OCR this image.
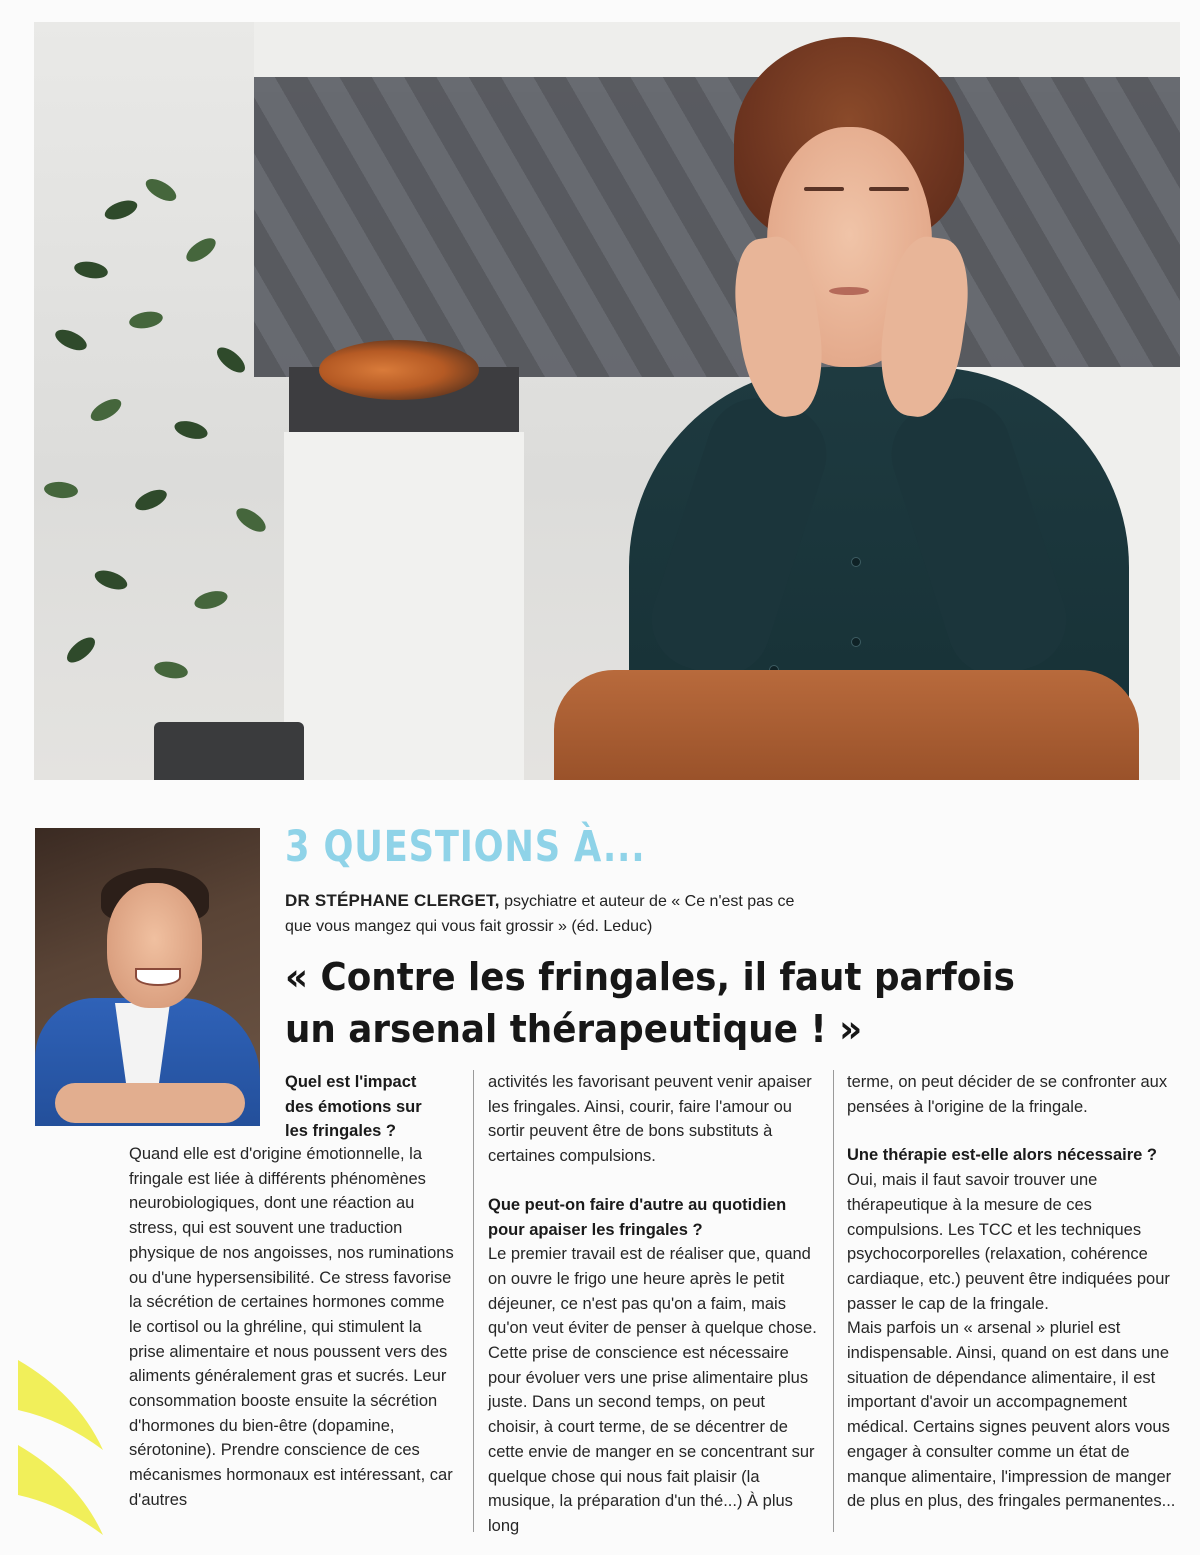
3 QUESTIONS À...
DR STÉPHANE CLERGET, psychiatre et auteur de « Ce n'est pas ce que vous mangez qui vous fait grossir » (éd. Leduc)
« Contre les fringales, il faut parfois un arsenal thérapeutique ! »

Quel est l'impact des émotions sur les fringales ?

Quand elle est d'origine émotionnelle, la fringale est liée à différents phénomènes neurobiologiques, dont une réaction au stress, qui est souvent une traduction physique de nos angoisses, nos ruminations ou d'une hypersensibilité. Ce stress favorise la sécrétion de certaines hormones comme le cortisol ou la ghréline, qui stimulent la prise alimentaire et nous poussent vers des aliments généralement gras et sucrés. Leur consommation booste ensuite la sécrétion d'hormones du bien-être (dopamine, sérotonine). Prendre conscience de ces mécanismes hormonaux est intéressant, car d'autres

activités les favorisant peuvent venir apaiser les fringales. Ainsi, courir, faire l'amour ou sortir peuvent être de bons substituts à certaines compulsions.

Que peut-on faire d'autre au quotidien pour apaiser les fringales ?

Le premier travail est de réaliser que, quand on ouvre le frigo une heure après le petit déjeuner, ce n'est pas qu'on a faim, mais qu'on veut éviter de penser à quelque chose. Cette prise de conscience est nécessaire pour évoluer vers une prise alimentaire plus juste. Dans un second temps, on peut choisir, à court terme, de se décentrer de cette envie de manger en se concentrant sur quelque chose qui nous fait plaisir (la musique, la préparation d'un thé...) À plus long

terme, on peut décider de se confronter aux pensées à l'origine de la fringale.

Une thérapie est-elle alors nécessaire ?

Oui, mais il faut savoir trouver une thérapeutique à la mesure de ces compulsions. Les TCC et les techniques psychocorporelles (relaxation, cohérence cardiaque, etc.) peuvent être indiquées pour passer le cap de la fringale.

Mais parfois un « arsenal » pluriel est indispensable. Ainsi, quand on est dans une situation de dépendance alimentaire, il est important d'avoir un accompagnement médical. Certains signes peuvent alors vous engager à consulter comme un état de manque alimentaire, l'impression de manger de plus en plus, des fringales permanentes...
